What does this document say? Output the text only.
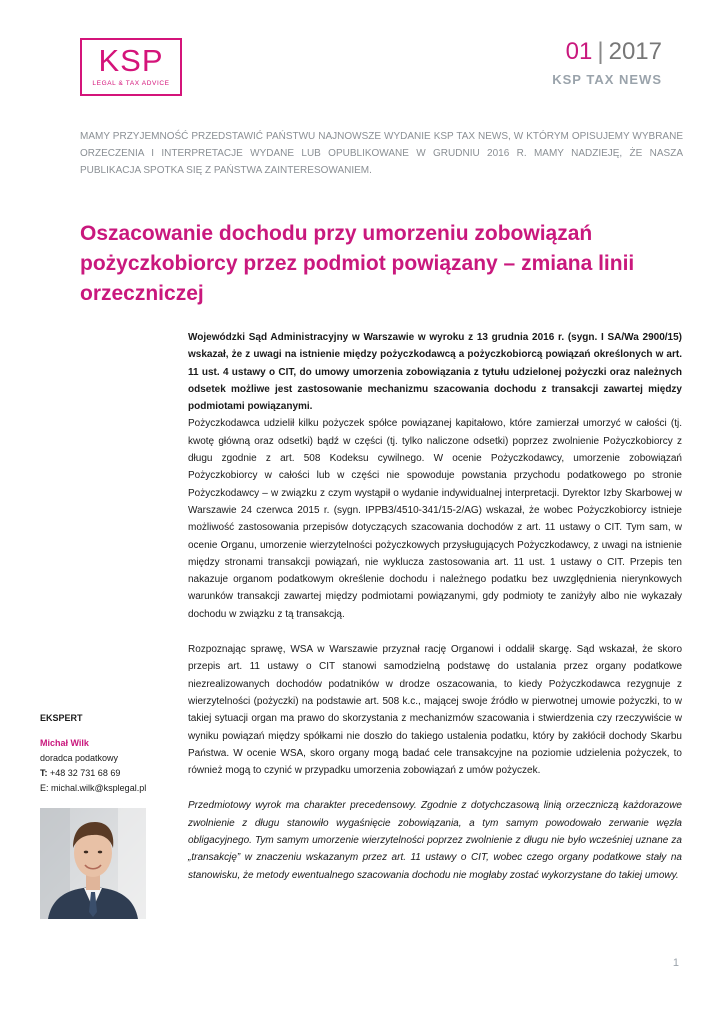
KSP
LEGAL & TAX ADVICE
01 | 2017
KSP TAX NEWS
MAMY PRZYJEMNOŚĆ PRZEDSTAWIĆ PAŃSTWU NAJNOWSZE WYDANIE KSP TAX NEWS, W KTÓRYM OPISUJEMY WYBRANE ORZECZENIA I INTERPRETACJE WYDANE LUB OPUBLIKOWANE W GRUDNIU 2016 R. MAMY NADZIEJĘ, ŻE NASZA PUBLIKACJA SPOTKA SIĘ Z PAŃSTWA ZAINTERESOWANIEM.
Oszacowanie dochodu przy umorzeniu zobowiązań pożyczkobiorcy przez podmiot powiązany – zmiana linii orzeczniczej

Wojewódzki Sąd Administracyjny w Warszawie w wyroku z 13 grudnia 2016 r. (sygn. I SA/Wa 2900/15) wskazał, że z uwagi na istnienie między pożyczkodawcą a pożyczkobiorcą powiązań określonych w art. 11 ust. 4 ustawy o CIT, do umowy umorzenia zobowiązania z tytułu udzielonej pożyczki oraz należnych odsetek możliwe jest zastosowanie mechanizmu szacowania dochodu z transakcji zawartej między podmiotami powiązanymi.

Pożyczkodawca udzielił kilku pożyczek spółce powiązanej kapitałowo, które zamierzał umorzyć w całości (tj. kwotę główną oraz odsetki) bądź w części (tj. tylko naliczone odsetki) poprzez zwolnienie Pożyczkobiorcy z długu zgodnie z art. 508 Kodeksu cywilnego. W ocenie Pożyczkodawcy, umorzenie zobowiązań Pożyczkobiorcy w całości lub w części nie spowoduje powstania przychodu podatkowego po stronie Pożyczkodawcy – w związku z czym wystąpił o wydanie indywidualnej interpretacji. Dyrektor Izby Skarbowej w Warszawie 24 czerwca 2015 r. (sygn. IPPB3/4510-341/15-2/AG) wskazał, że wobec Pożyczkobiorcy istnieje możliwość zastosowania przepisów dotyczących szacowania dochodów z art. 11 ustawy o CIT. Tym sam, w ocenie Organu, umorzenie wierzytelności pożyczkowych przysługujących Pożyczkodawcy, z uwagi na istnienie między stronami transakcji powiązań, nie wyklucza zastosowania art. 11 ust. 1 ustawy o CIT. Przepis ten nakazuje organom podatkowym określenie dochodu i należnego podatku bez uwzględnienia nierynkowych warunków transakcji zawartej między podmiotami powiązanymi, gdy podmioty te zaniżyły albo nie wykazały dochodu w związku z tą transakcją.

Rozpoznając sprawę, WSA w Warszawie przyznał rację Organowi i oddalił skargę. Sąd wskazał, że skoro przepis art. 11 ustawy o CIT stanowi samodzielną podstawę do ustalania przez organy podatkowe niezrealizowanych dochodów podatników w drodze oszacowania, to kiedy Pożyczkodawca rezygnuje z wierzytelności (pożyczki) na podstawie art. 508 k.c., mającej swoje źródło w pierwotnej umowie pożyczki, to w takiej sytuacji organ ma prawo do skorzystania z mechanizmów szacowania i stwierdzenia czy rzeczywiście w wyniku powiązań między spółkami nie doszło do takiego ustalenia podatku, który by zakłócił dochody Skarbu Państwa. W ocenie WSA, skoro organy mogą badać cele transakcyjne na poziomie udzielenia pożyczek, to również mogą to czynić w przypadku umorzenia zobowiązań z umów pożyczek.

Przedmiotowy wyrok ma charakter precedensowy. Zgodnie z dotychczasową linią orzeczniczą każdorazowe zwolnienie z długu stanowiło wygaśnięcie zobowiązania, a tym samym powodowało zerwanie węzła obligacyjnego. Tym samym umorzenie wierzytelności poprzez zwolnienie z długu nie było wcześniej uznane za „transakcję” w znaczeniu wskazanym przez art. 11 ustawy o CIT, wobec czego organy podatkowe stały na stanowisku, że metody ewentualnego szacowania dochodu nie mogłaby zostać wykorzystane do takiej umowy.

EKSPERT
Michał Wilk
doradca podatkowy
T: +48 32 731 68 69
E: michal.wilk@ksplegal.pl
1
